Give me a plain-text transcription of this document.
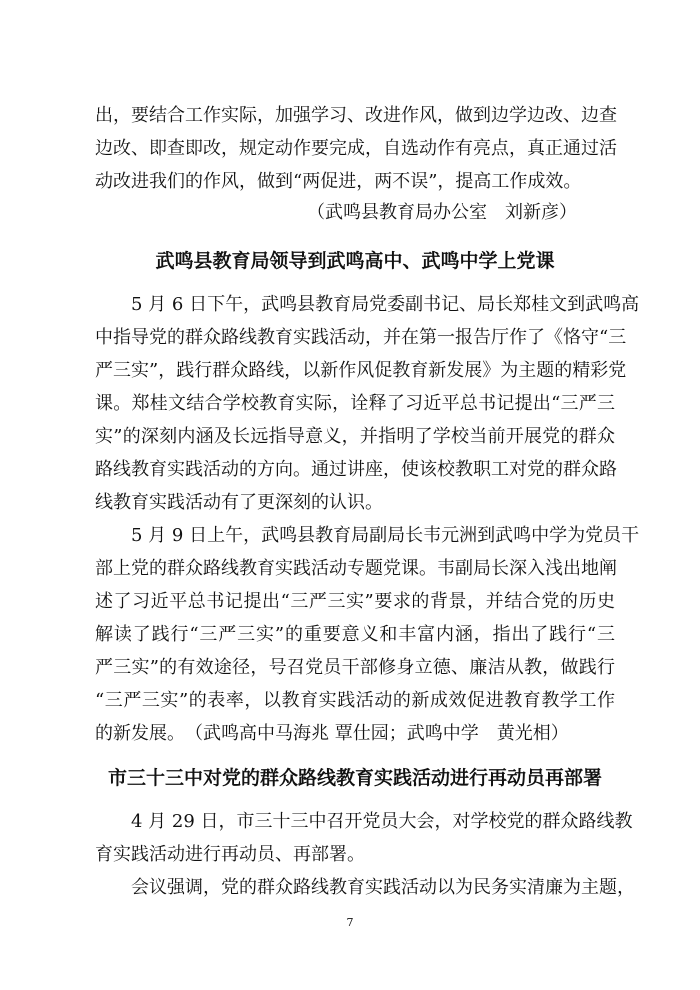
出，要结合工作实际，加强学习、改进作风，做到边学边改、边查
边改、即查即改，规定动作要完成，自选动作有亮点，真正通过活
动改进我们的作风，做到“两促进，两不误”，提高工作成效。
（武鸣县教育局办公室　刘新彦）
武鸣县教育局领导到武鸣高中、武鸣中学上党课
　　5 月 6 日下午，武鸣县教育局党委副书记、局长郑桂文到武鸣高
中指导党的群众路线教育实践活动，并在第一报告厅作了《恪守“三
严三实”，践行群众路线，以新作风促教育新发展》为主题的精彩党
课。郑桂文结合学校教育实际，诠释了习近平总书记提出“三严三
实”的深刻内涵及长远指导意义，并指明了学校当前开展党的群众
路线教育实践活动的方向。通过讲座，使该校教职工对党的群众路
线教育实践活动有了更深刻的认识。
　　5 月 9 日上午，武鸣县教育局副局长韦元洲到武鸣中学为党员干
部上党的群众路线教育实践活动专题党课。韦副局长深入浅出地阐
述了习近平总书记提出“三严三实”要求的背景，并结合党的历史
解读了践行“三严三实”的重要意义和丰富内涵，指出了践行“三
严三实”的有效途径，号召党员干部修身立德、廉洁从教，做践行
“三严三实”的表率，以教育实践活动的新成效促进教育教学工作
的新发展。　（武鸣高中马海兆 覃仕园；武鸣中学　黄光相）
市三十三中对党的群众路线教育实践活动进行再动员再部署
　　4 月 29 日，市三十三中召开党员大会，对学校党的群众路线教
育实践活动进行再动员、再部署。
　　会议强调，党的群众路线教育实践活动以为民务实清廉为主题，
7
